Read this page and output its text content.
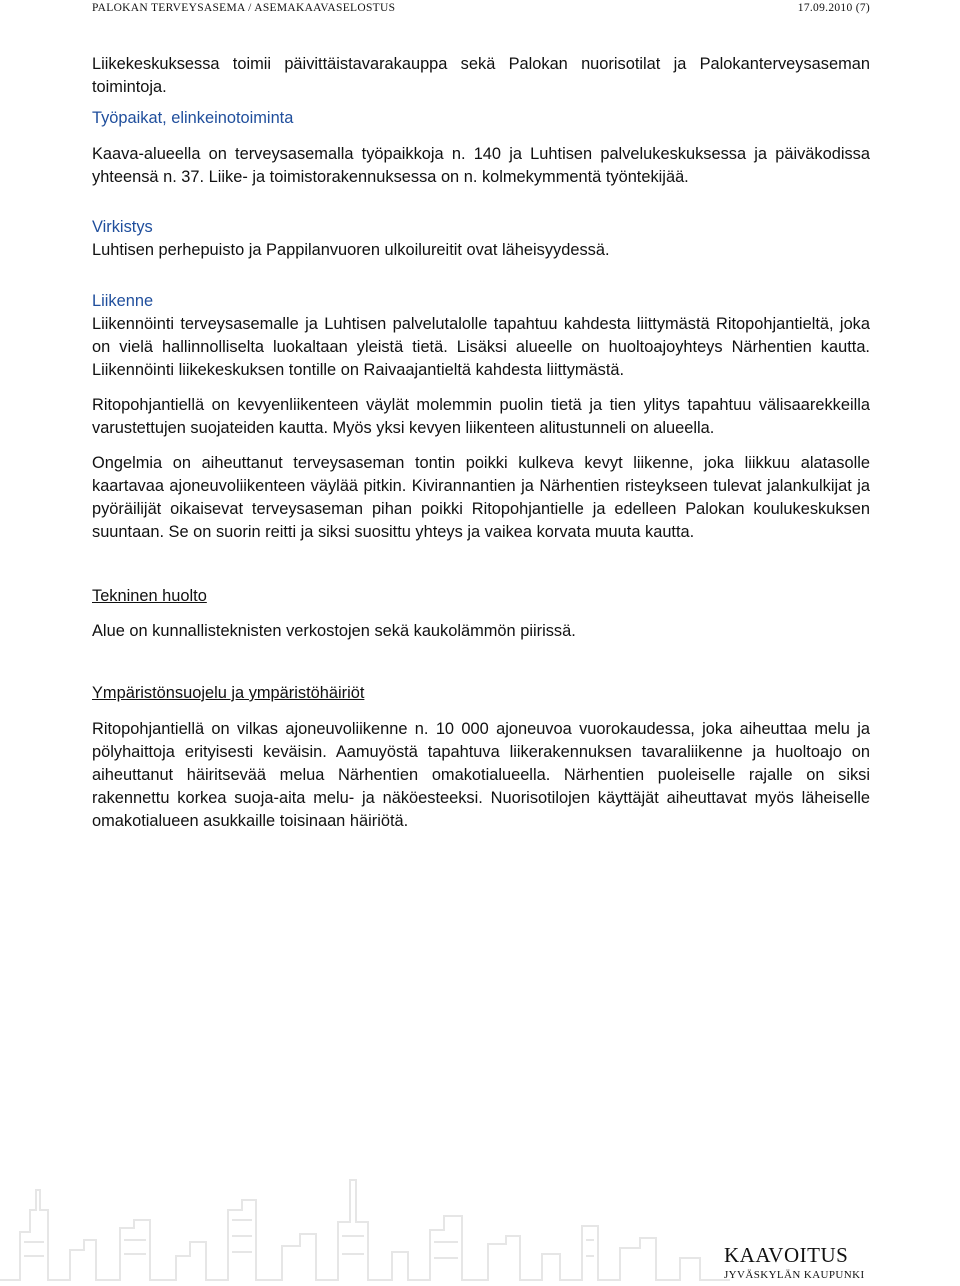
PALOKAN TERVEYSASEMA / ASEMAKAAVASELOSTUS	17.09.2010 (7)

Liikekeskuksessa toimii päivittäistavarakauppa sekä Palokan nuorisotilat ja Palokanterveysaseman toimintoja.

Työpaikat, elinkeinotoiminta

Kaava-alueella on terveysasemalla työpaikkoja n. 140 ja Luhtisen palvelukeskuksessa ja päiväkodissa yhteensä n. 37. Liike- ja toimistorakennuksessa on n. kolmekymmentä työntekijää.

Virkistys

Luhtisen perhepuisto ja Pappilanvuoren ulkoilureitit ovat läheisyydessä.

Liikenne

Liikennöinti terveysasemalle ja Luhtisen palvelutalolle tapahtuu kahdesta liittymästä Ritopohjantieltä, joka on vielä hallinnolliselta luokaltaan yleistä tietä. Lisäksi alueelle on huoltoajoyhteys Närhentien kautta. Liikennöinti liikekeskuksen tontille on Raivaajantieltä kahdesta liittymästä.

Ritopohjantiellä on kevyenliikenteen väylät molemmin puolin tietä ja tien ylitys tapahtuu välisaarekkeilla varustettujen suojateiden kautta. Myös yksi kevyen liikenteen alitustunneli on alueella.

Ongelmia on aiheuttanut terveysaseman tontin poikki kulkeva kevyt liikenne, joka liikkuu alatasolle kaartavaa ajoneuvoliikenteen väylää pitkin. Kivirannantien ja Närhentien risteykseen tulevat jalankulkijat ja pyöräilijät oikaisevat terveysaseman pihan poikki Ritopohjantielle ja edelleen Palokan koulukeskuksen suuntaan. Se on suorin reitti ja siksi suosittu yhteys ja vaikea korvata muuta kautta.

Tekninen huolto

Alue on kunnallisteknisten verkostojen sekä kaukolämmön piirissä.

Ympäristönsuojelu ja ympäristöhäiriöt

Ritopohjantiellä on vilkas ajoneuvoliikenne n. 10 000 ajoneuvoa vuorokaudessa, joka aiheuttaa melu ja pölyhaittoja erityisesti keväisin. Aamuyöstä tapahtuva liikerakennuksen tavaraliikenne ja huoltoajo on aiheuttanut häiritsevää melua Närhentien omakotialueella. Närhentien puoleiselle rajalle on siksi rakennettu korkea suoja-aita melu- ja näköesteeksi. Nuorisotilojen käyttäjät aiheuttavat myös läheiselle omakotialueen asukkaille toisinaan häiriötä.

KAAVOITUS
JYVÄSKYLÄN KAUPUNKI
